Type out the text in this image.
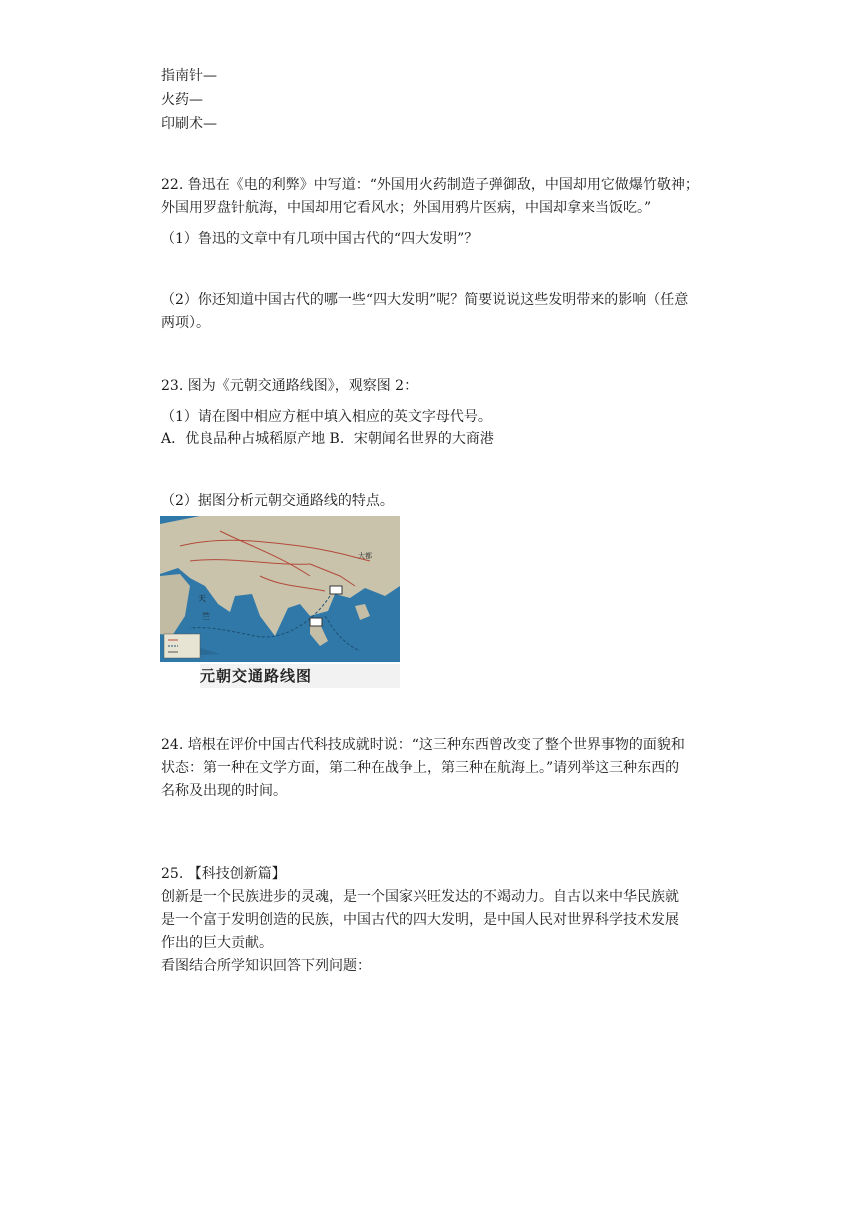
指南针—
火药—
印刷术—
22. 鲁迅在《电的利弊》中写道：“外国用火药制造子弹御敌，中国却用它做爆竹敬神；
外国用罗盘针航海，中国却用它看风水；外国用鸦片医病，中国却拿来当饭吃。”
（1）鲁迅的文章中有几项中国古代的“四大发明”？
（2）你还知道中国古代的哪一些“四大发明”呢？简要说说这些发明带来的影响（任意
两项）。
23. 图为《元朝交通路线图》，观察图 2：
（1）请在图中相应方框中填入相应的英文字母代号。
A．优良品种占城稻原产地 B．宋朝闻名世界的大商港
（2）据图分析元朝交通路线的特点。
大都
天
竺
元朝交通路线图
24. 培根在评价中国古代科技成就时说：“这三种东西曾改变了整个世界事物的面貌和
状态：第一种在文学方面，第二种在战争上，第三种在航海上。”请列举这三种东西的
名称及出现的时间。
25. 【科技创新篇】
创新是一个民族进步的灵魂，是一个国家兴旺发达的不竭动力。自古以来中华民族就
是一个富于发明创造的民族，中国古代的四大发明，是中国人民对世界科学技术发展
作出的巨大贡献。
看图结合所学知识回答下列问题：
